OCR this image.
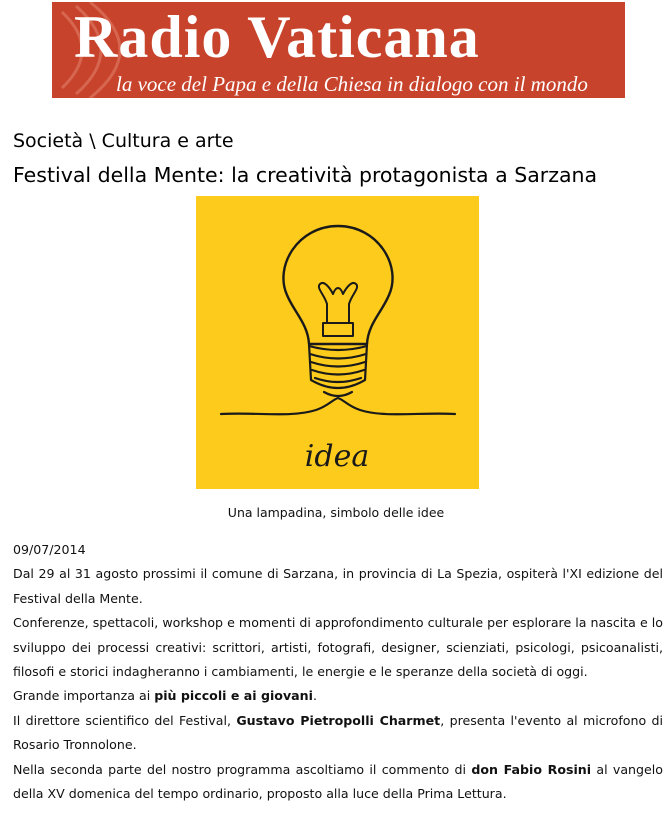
Radio Vaticana
la voce del Papa e della Chiesa in dialogo con il mondo
Società \ Cultura e arte
Festival della Mente: la creatività protagonista a Sarzana
idea
Una lampadina, simbolo delle idee

09/07/2014

Dal 29 al 31 agosto prossimi il comune di Sarzana, in provincia di La Spezia, ospiterà l'XI edizione del Festival della Mente.

Conferenze, spettacoli, workshop e momenti di approfondimento culturale per esplorare la nascita e lo sviluppo dei processi creativi: scrittori, artisti, fotografi, designer, scienziati, psicologi, psicoanalisti, filosofi e storici indagheranno i cambiamenti, le energie e le speranze della società di oggi.

Grande importanza ai più piccoli e ai giovani.

Il direttore scientifico del Festival, Gustavo Pietropolli Charmet, presenta l'evento al microfono di Rosario Tronnolone.

Nella seconda parte del nostro programma ascoltiamo il commento di don Fabio Rosini al vangelo della XV domenica del tempo ordinario, proposto alla luce della Prima Lettura.
